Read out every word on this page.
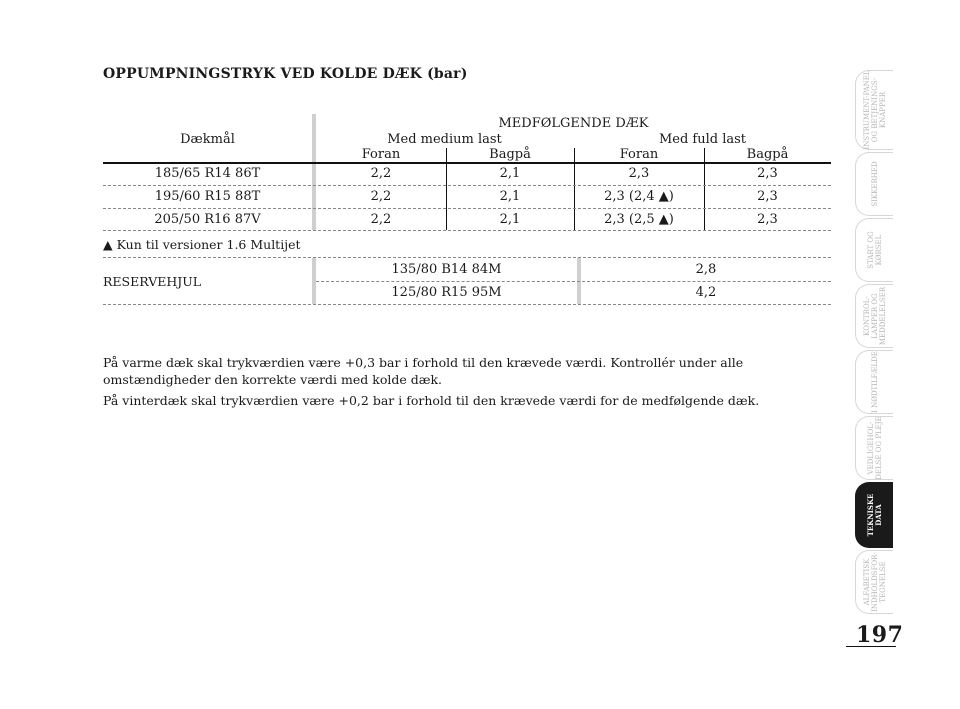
OPPUMPNINGSTRYK VED KOLDE DÆK (bar)
Dækmål
MEDFØLGENDE DÆK
Med medium last	Med fuld last
Foran	Bagpå	Foran	Bagpå
185/65 R14 86T	2,2	2,1	2,3	2,3
195/60 R15 88T	2,2	2,1	2,3 (2,4 ▲)	2,3
205/50 R16 87V	2,2	2,1	2,3 (2,5 ▲)	2,3
▲ Kun til versioner 1.6 Multijet
RESERVEHJUL
135/80 B14 84M	2,8
125/80 R15 95M	4,2
På varme dæk skal trykværdien være +0,3 bar i forhold til den krævede værdi. Kontrollér under alle omstændigheder den korrekte værdi med kolde dæk.
På vinterdæk skal trykværdien være +0,2 bar i forhold til den krævede værdi for de medfølgende dæk.
INSTRUMENT-PANEL OG BETJENINGS-KNAPPER
SIKKERHED
START OG KØRSEL
KONTROL-LAMPER OG MEDDELELSER
I NØDTILFÆLDE
VEDLIGEHOL-DELSE OG PLEJE
TEKNISKE DATA
ALFABETISK INDHOLDSFOR-TEGNELSE
197
